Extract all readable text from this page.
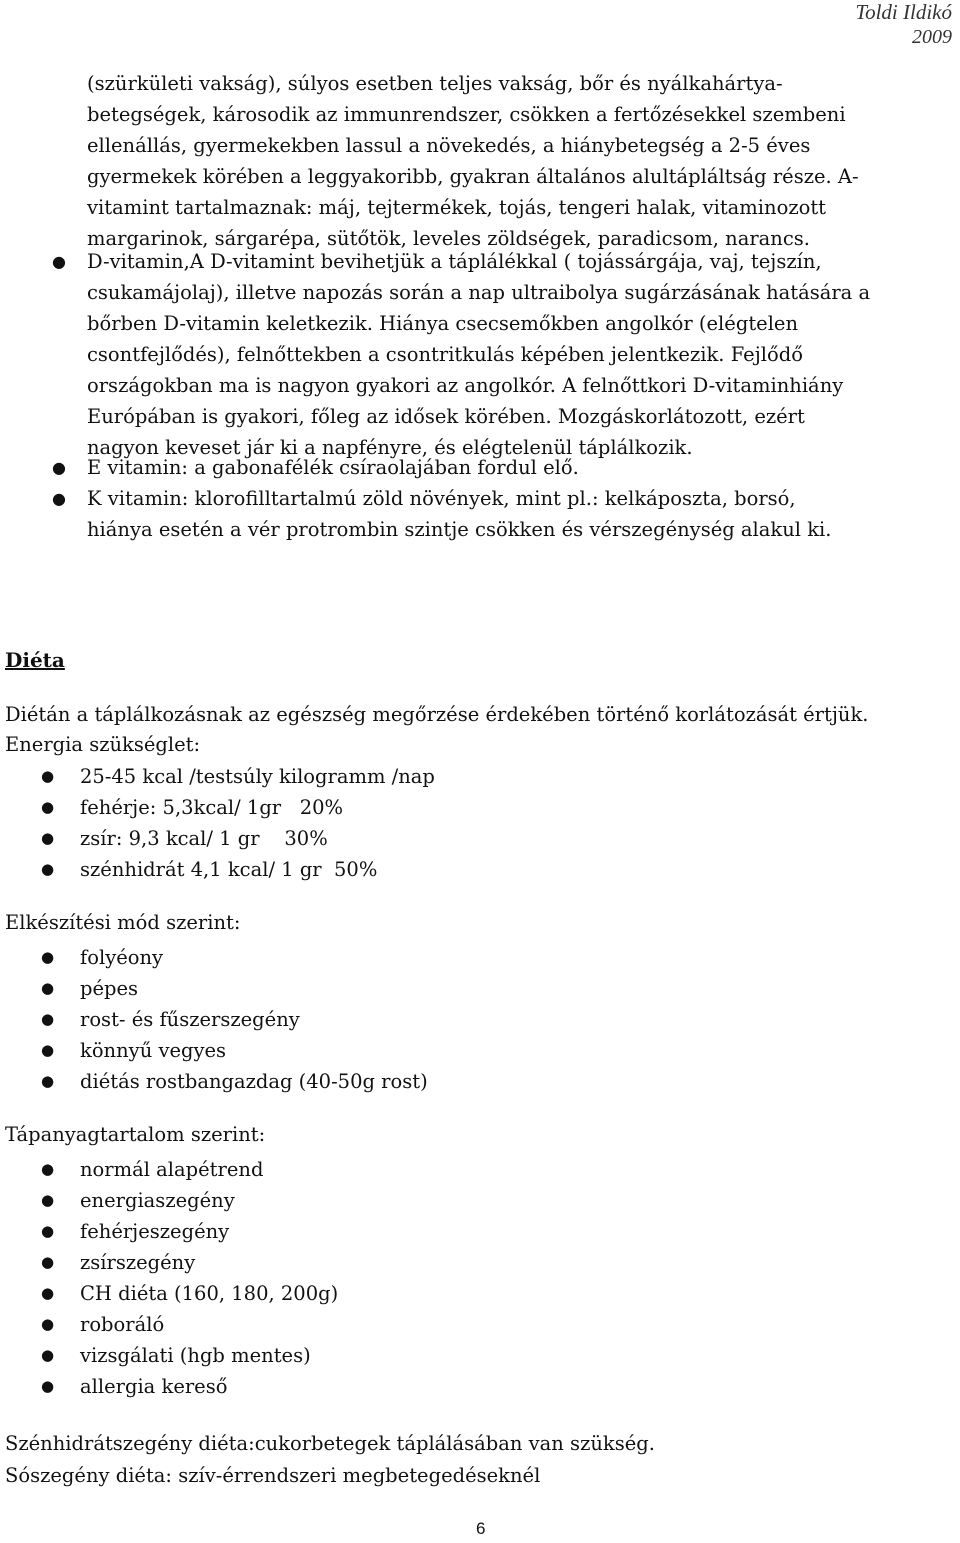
Toldi Ildikó
2009
(szürkületi vakság), súlyos esetben teljes vakság, bőr és nyálkahártya-
betegségek, károsodik az immunrendszer, csökken a fertőzésekkel szembeni
ellenállás, gyermekekben lassul a növekedés, a hiánybetegség a 2-5 éves
gyermekek körében a leggyakoribb, gyakran általános alultápláltság része. A-
vitamint tartalmaznak: máj, tejtermékek, tojás, tengeri halak, vitaminozott
margarinok, sárgarépa, sütőtök, leveles zöldségek, paradicsom, narancs.
● D-vitamin,A D-vitamint bevihetjük a táplálékkal ( tojássárgája, vaj, tejszín,
csukamájolaj), illetve napozás során a nap ultraibolya sugárzásának hatására a
bőrben D-vitamin keletkezik. Hiánya csecsemőkben angolkór (elégtelen
csontfejlődés), felnőttekben a csontritkulás képében jelentkezik. Fejlődő
országokban ma is nagyon gyakori az angolkór. A felnőttkori D-vitaminhiány
Európában is gyakori, főleg az idősek körében. Mozgáskorlátozott, ezért
nagyon keveset jár ki a napfényre, és elégtelenül táplálkozik.
● E vitamin: a gabonafélék csíraolajában fordul elő.
● K vitamin: klorofilltartalmú zöld növények, mint pl.: kelkáposzta, borsó,
hiánya esetén a vér protrombin szintje csökken és vérszegénység alakul ki.
Diéta
Diétán a táplálkozásnak az egészség megőrzése érdekében történő korlátozását értjük.
Energia szükséglet:
● 25-45 kcal /testsúly kilogramm /nap
● fehérje: 5,3kcal/ 1gr   20%
● zsír: 9,3 kcal/ 1 gr    30%
● szénhidrát 4,1 kcal/ 1 gr  50%
Elkészítési mód szerint:
● folyéony
● pépes
● rost- és fűszerszegény
● könnyű vegyes
● diétás rostbangazdag (40-50g rost)
Tápanyagtartalom szerint:
● normál alapétrend
● energiaszegény
● fehérjeszegény
● zsírszegény
● CH diéta (160, 180, 200g)
● roboráló
● vizsgálati (hgb mentes)
● allergia kereső
Szénhidrátszegény diéta:cukorbetegek táplálásában van szükség.
Sószegény diéta: szív-érrendszeri megbetegedéseknél
6
